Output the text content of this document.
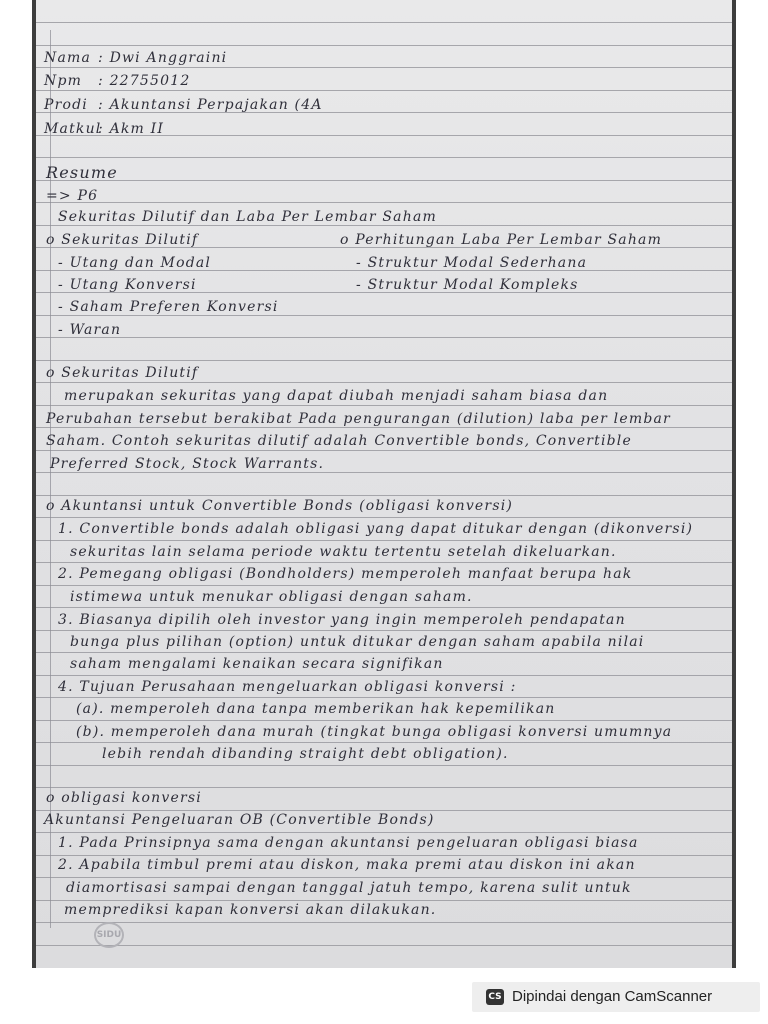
Nama : Dwi Anggraini
Npm : 22755012
Prodi : Akuntansi Perpajakan (4A
Matkul
: Akm II
Resume
=> P6
Sekuritas Dilutif dan Laba Per Lembar Saham
o Sekuritas Dilutif	o Perhitungan Laba Per Lembar Saham
- Utang dan Modal	- Struktur Modal Sederhana
- Utang Konversi	- Struktur Modal Kompleks
- Saham Preferen Konversi
- Waran
o Sekuritas Dilutif
merupakan sekuritas yang dapat diubah menjadi saham biasa dan
Perubahan tersebut berakibat Pada pengurangan (dilution) laba per lembar
Saham. Contoh sekuritas dilutif adalah Convertible bonds, Convertible
Preferred Stock, Stock Warrants.
o Akuntansi untuk Convertible Bonds (obligasi konversi)
1. Convertible bonds adalah obligasi yang dapat ditukar dengan (dikonversi)
sekuritas lain selama periode waktu tertentu setelah dikeluarkan.
2. Pemegang obligasi (Bondholders) memperoleh manfaat berupa hak
istimewa untuk menukar obligasi dengan saham.
3. Biasanya dipilih oleh investor yang ingin memperoleh pendapatan
bunga plus pilihan (option) untuk ditukar dengan saham apabila nilai
saham mengalami kenaikan secara signifikan
4. Tujuan Perusahaan mengeluarkan obligasi konversi :
(a). memperoleh dana tanpa memberikan hak kepemilikan
(b). memperoleh dana murah (tingkat bunga obligasi konversi umumnya
lebih rendah dibanding straight debt obligation).
o obligasi konversi
Akuntansi Pengeluaran OB (Convertible Bonds)
1. Pada Prinsipnya sama dengan akuntansi pengeluaran obligasi biasa
2. Apabila timbul premi atau diskon, maka premi atau diskon ini akan
diamortisasi sampai dengan tanggal jatuh tempo, karena sulit untuk
memprediksi kapan konversi akan dilakukan.
SIDU
CS Dipindai dengan CamScanner
